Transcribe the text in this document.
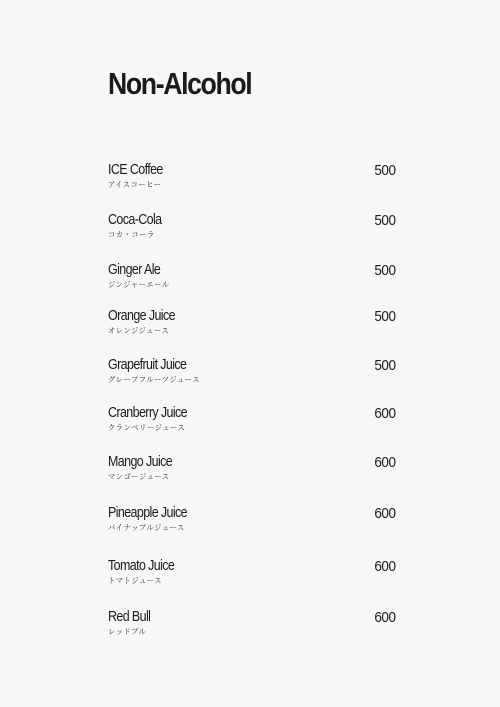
Non-Alcohol
ICE Coffee
アイスコーヒー
500
Coca-Cola
コカ・コーラ
500
Ginger Ale
ジンジャーエール
500
Orange Juice
オレンジジュース
500
Grapefruit Juice
グレープフルーツジュース
500
Cranberry Juice
クランベリージュース
600
Mango Juice
マンゴージュース
600
Pineapple Juice
パイナップルジュース
600
Tomato Juice
トマトジュース
600
Red Bull
レッドブル
600
